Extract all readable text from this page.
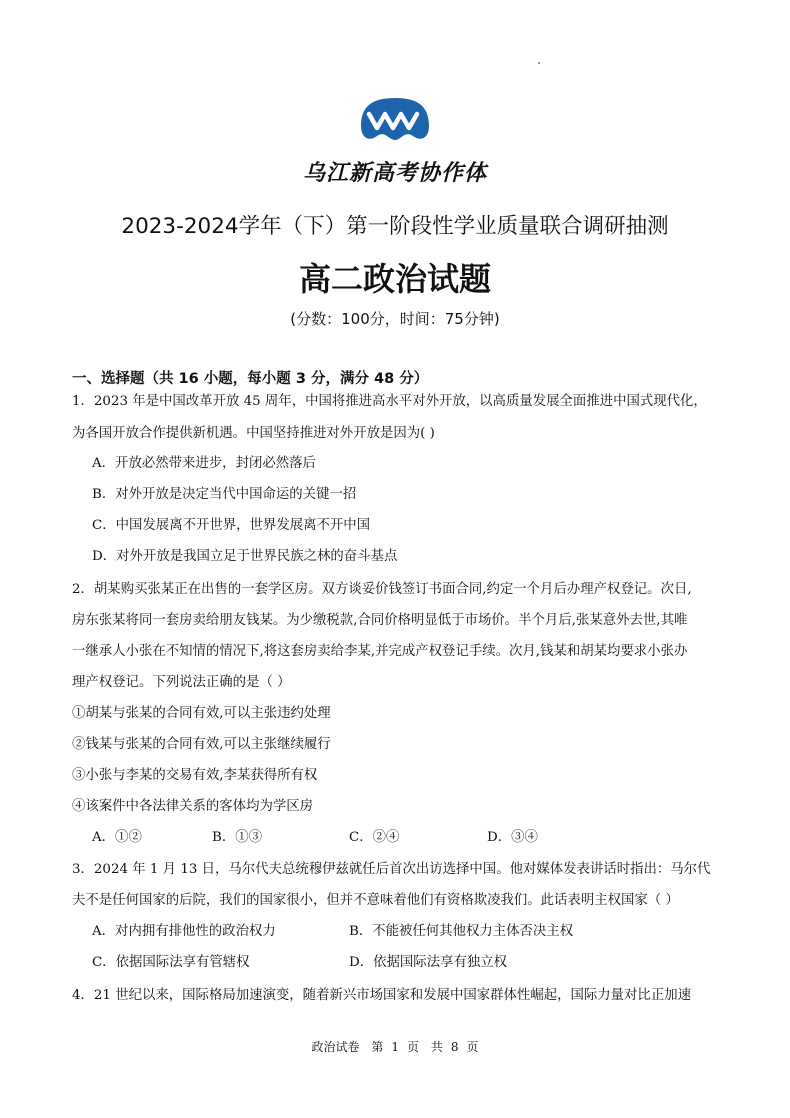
乌江新高考协作体
2023-2024学年（下）第一阶段性学业质量联合调研抽测
高二政治试题
(分数：100分，时间：75分钟)
一、选择题（共 16 小题，每小题 3 分，满分 48 分）
1．2023 年是中国改革开放 45 周年，中国将推进高水平对外开放，以高质量发展全面推进中国式现代化，
为各国开放合作提供新机遇。中国坚持推进对外开放是因为( )
A．开放必然带来进步，封闭必然落后
B．对外开放是决定当代中国命运的关键一招
C．中国发展离不开世界，世界发展离不开中国
D．对外开放是我国立足于世界民族之林的奋斗基点
2．胡某购买张某正在出售的一套学区房。双方谈妥价钱签订书面合同,约定一个月后办理产权登记。次日,
房东张某将同一套房卖给朋友钱某。为少缴税款,合同价格明显低于市场价。半个月后,张某意外去世,其唯
一继承人小张在不知情的情况下,将这套房卖给李某,并完成产权登记手续。次月,钱某和胡某均要求小张办
理产权登记。下列说法正确的是（ ）
①胡某与张某的合同有效,可以主张违约处理
②钱某与张某的合同有效,可以主张继续履行
③小张与李某的交易有效,李某获得所有权
④该案件中各法律关系的客体均为学区房
A．①②	B．①③	C．②④	D．③④
3．2024 年 1 月 13 日，马尔代夫总统穆伊兹就任后首次出访选择中国。他对媒体发表讲话时指出：马尔代
夫不是任何国家的后院，我们的国家很小，但并不意味着他们有资格欺凌我们。此话表明主权国家（ ）
A．对内拥有排他性的政治权力	B．不能被任何其他权力主体否决主权
C．依据国际法享有管辖权	D．依据国际法享有独立权
4．21 世纪以来，国际格局加速演变，随着新兴市场国家和发展中国家群体性崛起，国际力量对比正加速
政治试卷 第 1 页 共 8 页
